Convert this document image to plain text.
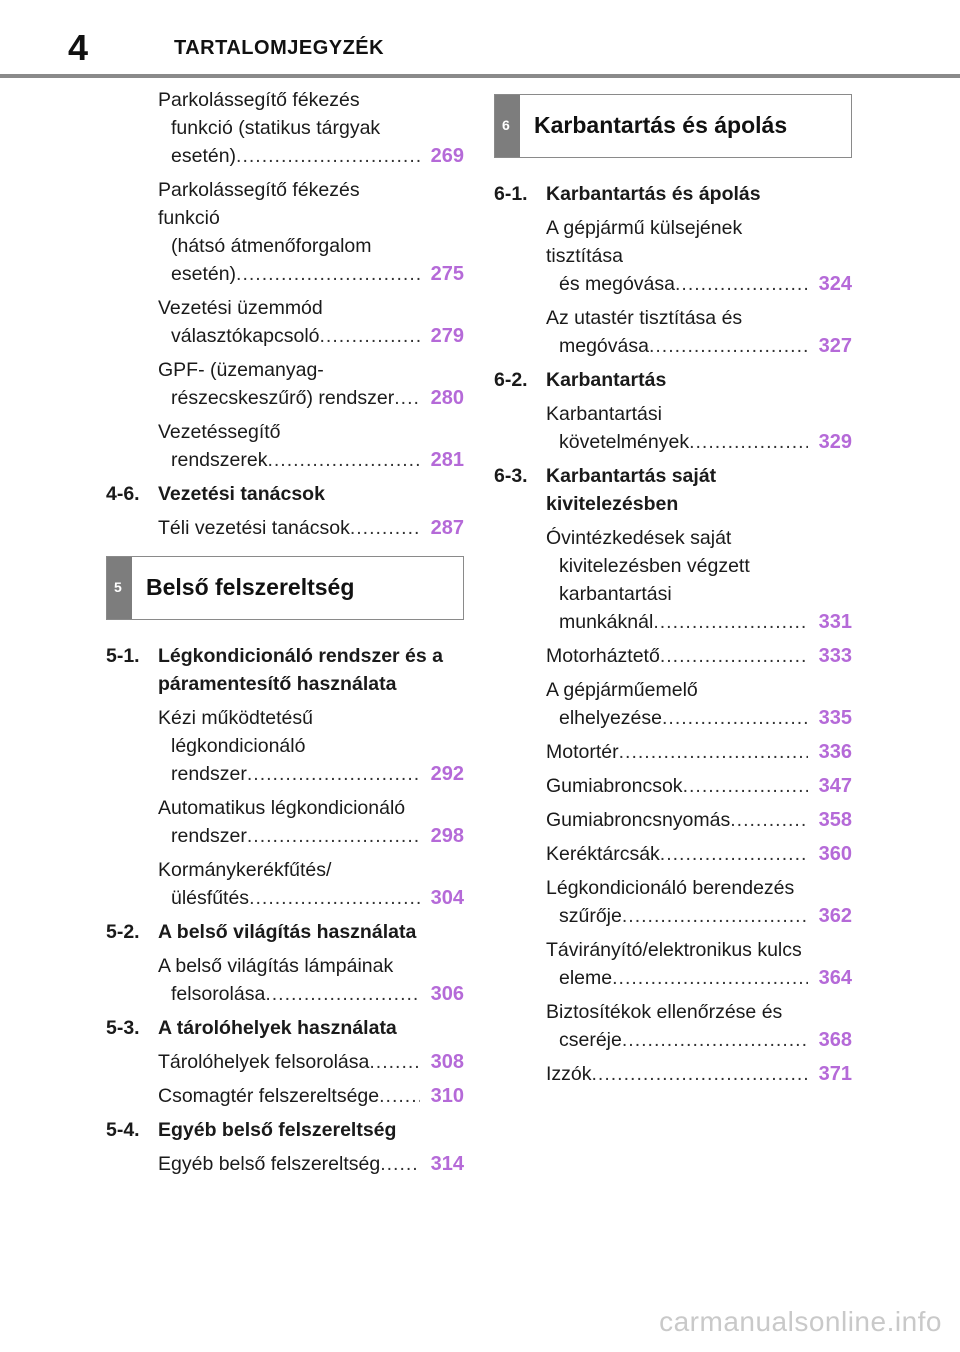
4	TARTALOMJEGYZÉK
Parkolássegítő fékezés
funkció (statikus tárgyak
esetén) .....	269
Parkolássegítő fékezés funkció
(hátsó átmenőforgalom
esetén) .....	275
Vezetési üzemmód
választókapcsoló .....	279
GPF- (üzemanyag-
részecskeszűrő) rendszer .....	280
Vezetéssegítő
rendszerek .....	281
4-6. Vezetési tanácsok
Téli vezetési tanácsok .....	287
5 Belső felszereltség
5-1. Légkondicionáló rendszer és a páramentesítő használata
Kézi működtetésű
légkondicionáló
rendszer .....	292
Automatikus légkondicionáló
rendszer .....	298
Kormánykerékfűtés/
ülésfűtés .....	304
5-2. A belső világítás használata
A belső világítás lámpáinak
felsorolása .....	306
5-3. A tárolóhelyek használata
Tárolóhelyek felsorolása .....	308
Csomagtér felszereltsége .....	310
5-4. Egyéb belső felszereltség
Egyéb belső felszereltség .....	314
6 Karbantartás és ápolás
6-1. Karbantartás és ápolás
A gépjármű külsejének tisztítása
és megóvása .....	324
Az utastér tisztítása és
megóvása .....	327
6-2. Karbantartás
Karbantartási
követelmények .....	329
6-3. Karbantartás saját kivitelezésben
Óvintézkedések saját
kivitelezésben végzett
karbantartási
munkáknál .....	331
Motorháztető .....	333
A gépjárműemelő
elhelyezése .....	335
Motortér .....	336
Gumiabroncsok .....	347
Gumiabroncsnyomás .....	358
Keréktárcsák .....	360
Légkondicionáló berendezés
szűrője .....	362
Távirányító/elektronikus kulcs
eleme .....	364
Biztosítékok ellenőrzése és
cseréje .....	368
Izzók .....	371
carmanualsonline.info
